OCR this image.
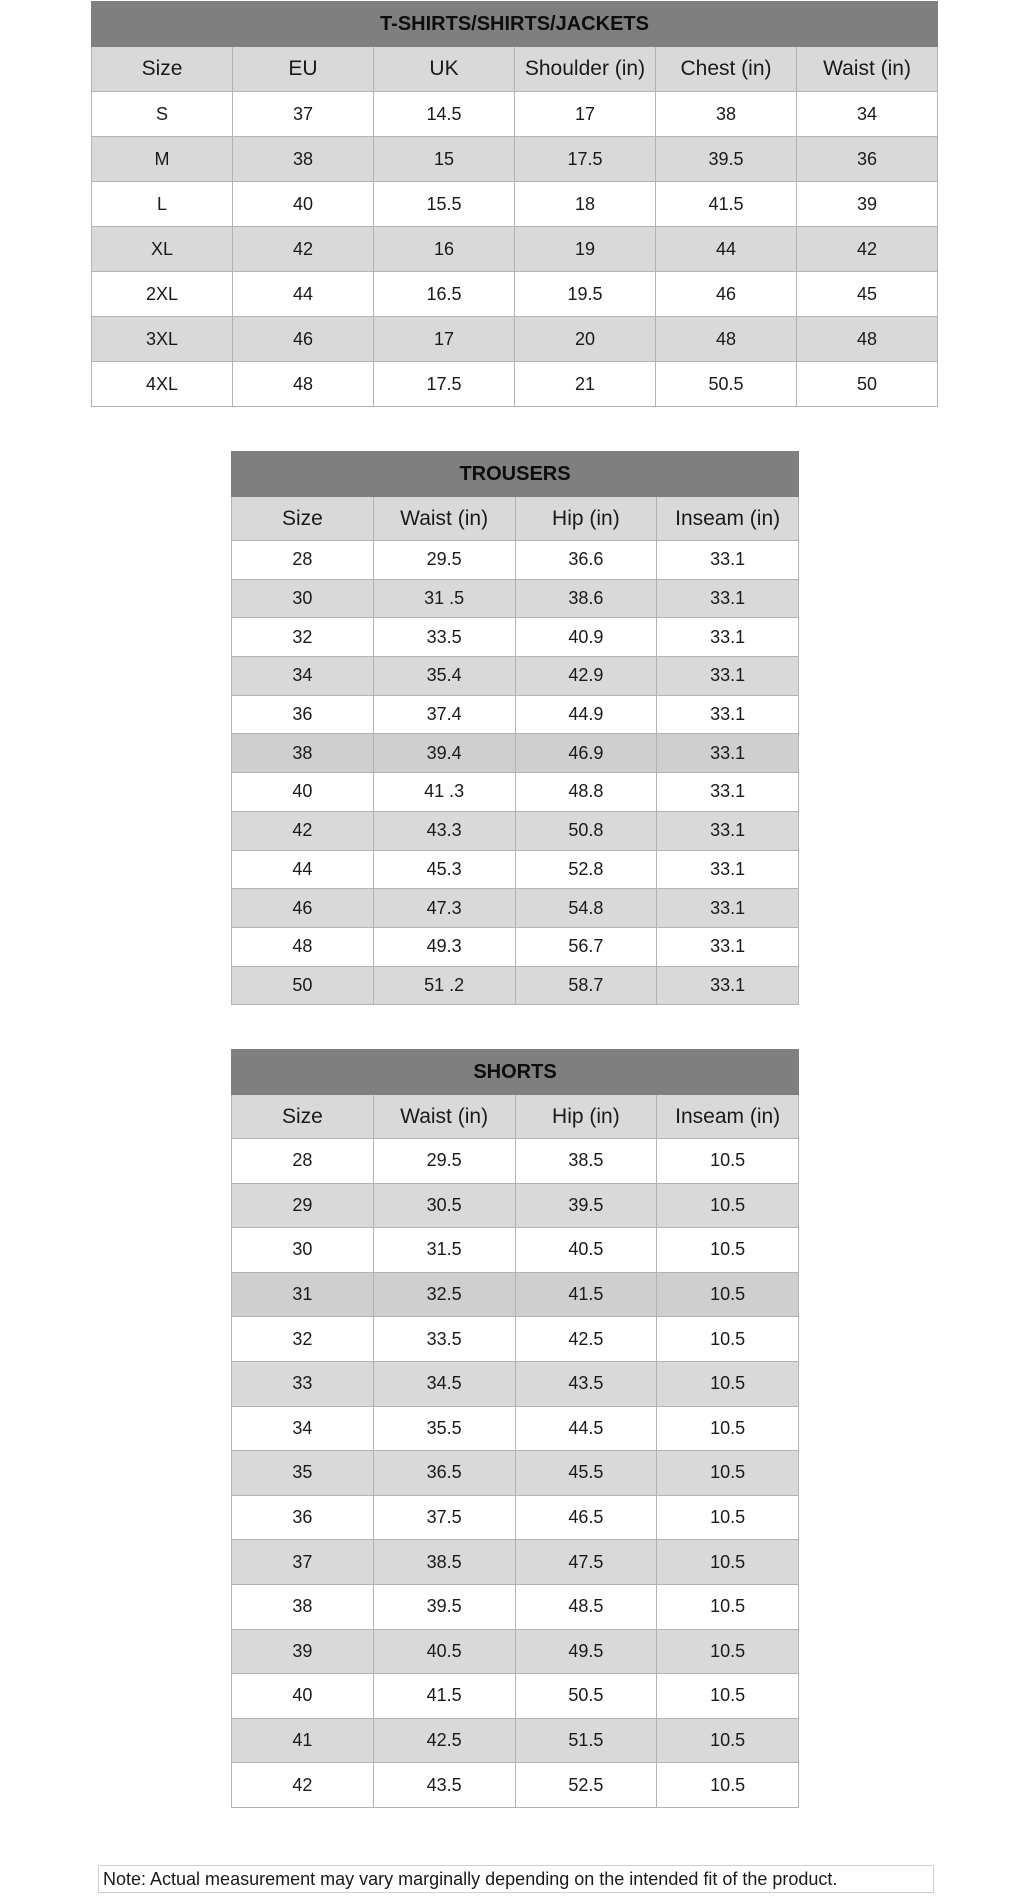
T-SHIRTS/SHIRTS/JACKETS					
Size	EU	UK	Shoulder (in)	Chest (in)	Waist (in)
S	37	14.5	17	38	34
M	38	15	17.5	39.5	36
L	40	15.5	18	41.5	39
XL	42	16	19	44	42
2XL	44	16.5	19.5	46	45
3XL	46	17	20	48	48
4XL	48	17.5	21	50.5	50
TROUSERS			
Size	Waist (in)	Hip (in)	Inseam (in)
28	29.5	36.6	33.1
30	31 .5	38.6	33.1
32	33.5	40.9	33.1
34	35.4	42.9	33.1
36	37.4	44.9	33.1
38	39.4	46.9	33.1
40	41 .3	48.8	33.1
42	43.3	50.8	33.1
44	45.3	52.8	33.1
46	47.3	54.8	33.1
48	49.3	56.7	33.1
50	51 .2	58.7	33.1
SHORTS			
Size	Waist (in)	Hip (in)	Inseam (in)
28	29.5	38.5	10.5
29	30.5	39.5	10.5
30	31.5	40.5	10.5
31	32.5	41.5	10.5
32	33.5	42.5	10.5
33	34.5	43.5	10.5
34	35.5	44.5	10.5
35	36.5	45.5	10.5
36	37.5	46.5	10.5
37	38.5	47.5	10.5
38	39.5	48.5	10.5
39	40.5	49.5	10.5
40	41.5	50.5	10.5
41	42.5	51.5	10.5
42	43.5	52.5	10.5
Note: Actual measurement may vary marginally depending on the intended fit of the product.
